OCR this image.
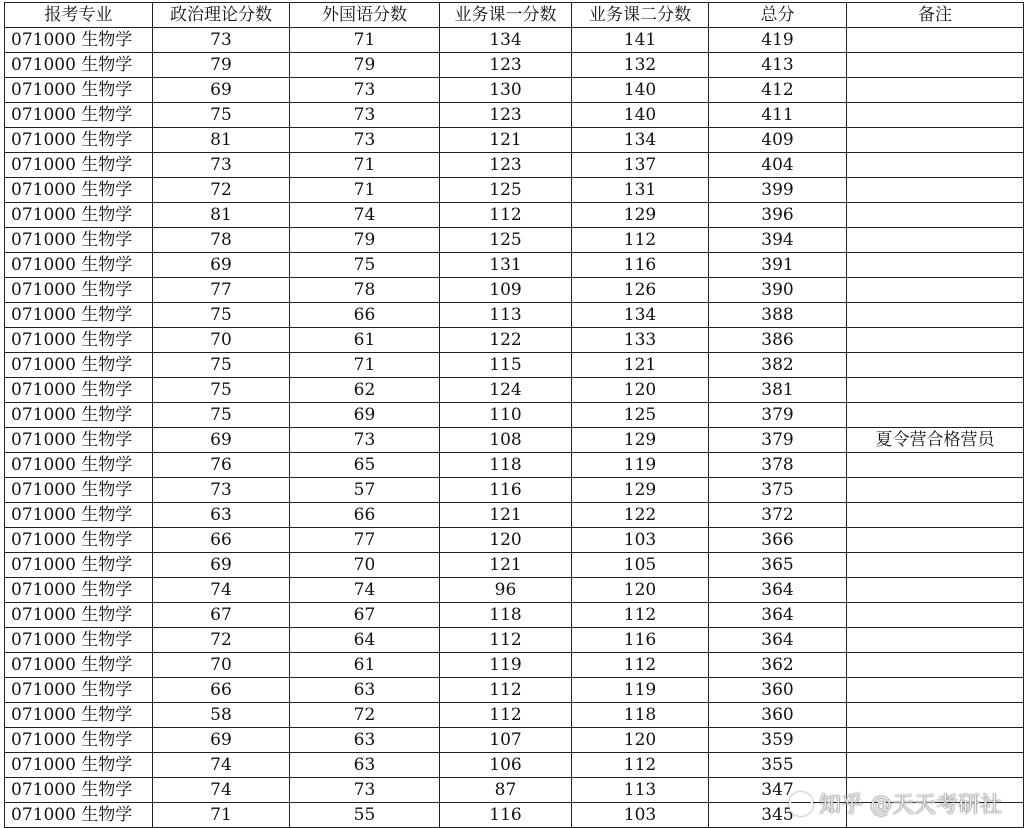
报考专业	政治理论分数	外国语分数	业务课一分数	业务课二分数	总分	备注
071000 生物学	73	71	134	141	419	
071000 生物学	79	79	123	132	413	
071000 生物学	69	73	130	140	412	
071000 生物学	75	73	123	140	411	
071000 生物学	81	73	121	134	409	
071000 生物学	73	71	123	137	404	
071000 生物学	72	71	125	131	399	
071000 生物学	81	74	112	129	396	
071000 生物学	78	79	125	112	394	
071000 生物学	69	75	131	116	391	
071000 生物学	77	78	109	126	390	
071000 生物学	75	66	113	134	388	
071000 生物学	70	61	122	133	386	
071000 生物学	75	71	115	121	382	
071000 生物学	75	62	124	120	381	
071000 生物学	75	69	110	125	379	
071000 生物学	69	73	108	129	379	夏令营合格营员
071000 生物学	76	65	118	119	378	
071000 生物学	73	57	116	129	375	
071000 生物学	63	66	121	122	372	
071000 生物学	66	77	120	103	366	
071000 生物学	69	70	121	105	365	
071000 生物学	74	74	96	120	364	
071000 生物学	67	67	118	112	364	
071000 生物学	72	64	112	116	364	
071000 生物学	70	61	119	112	362	
071000 生物学	66	63	112	119	360	
071000 生物学	58	72	112	118	360	
071000 生物学	69	63	107	120	359	
071000 生物学	74	63	106	112	355	
071000 生物学	74	73	87	113	347	
071000 生物学	71	55	116	103	345	知乎 @天天考研社
